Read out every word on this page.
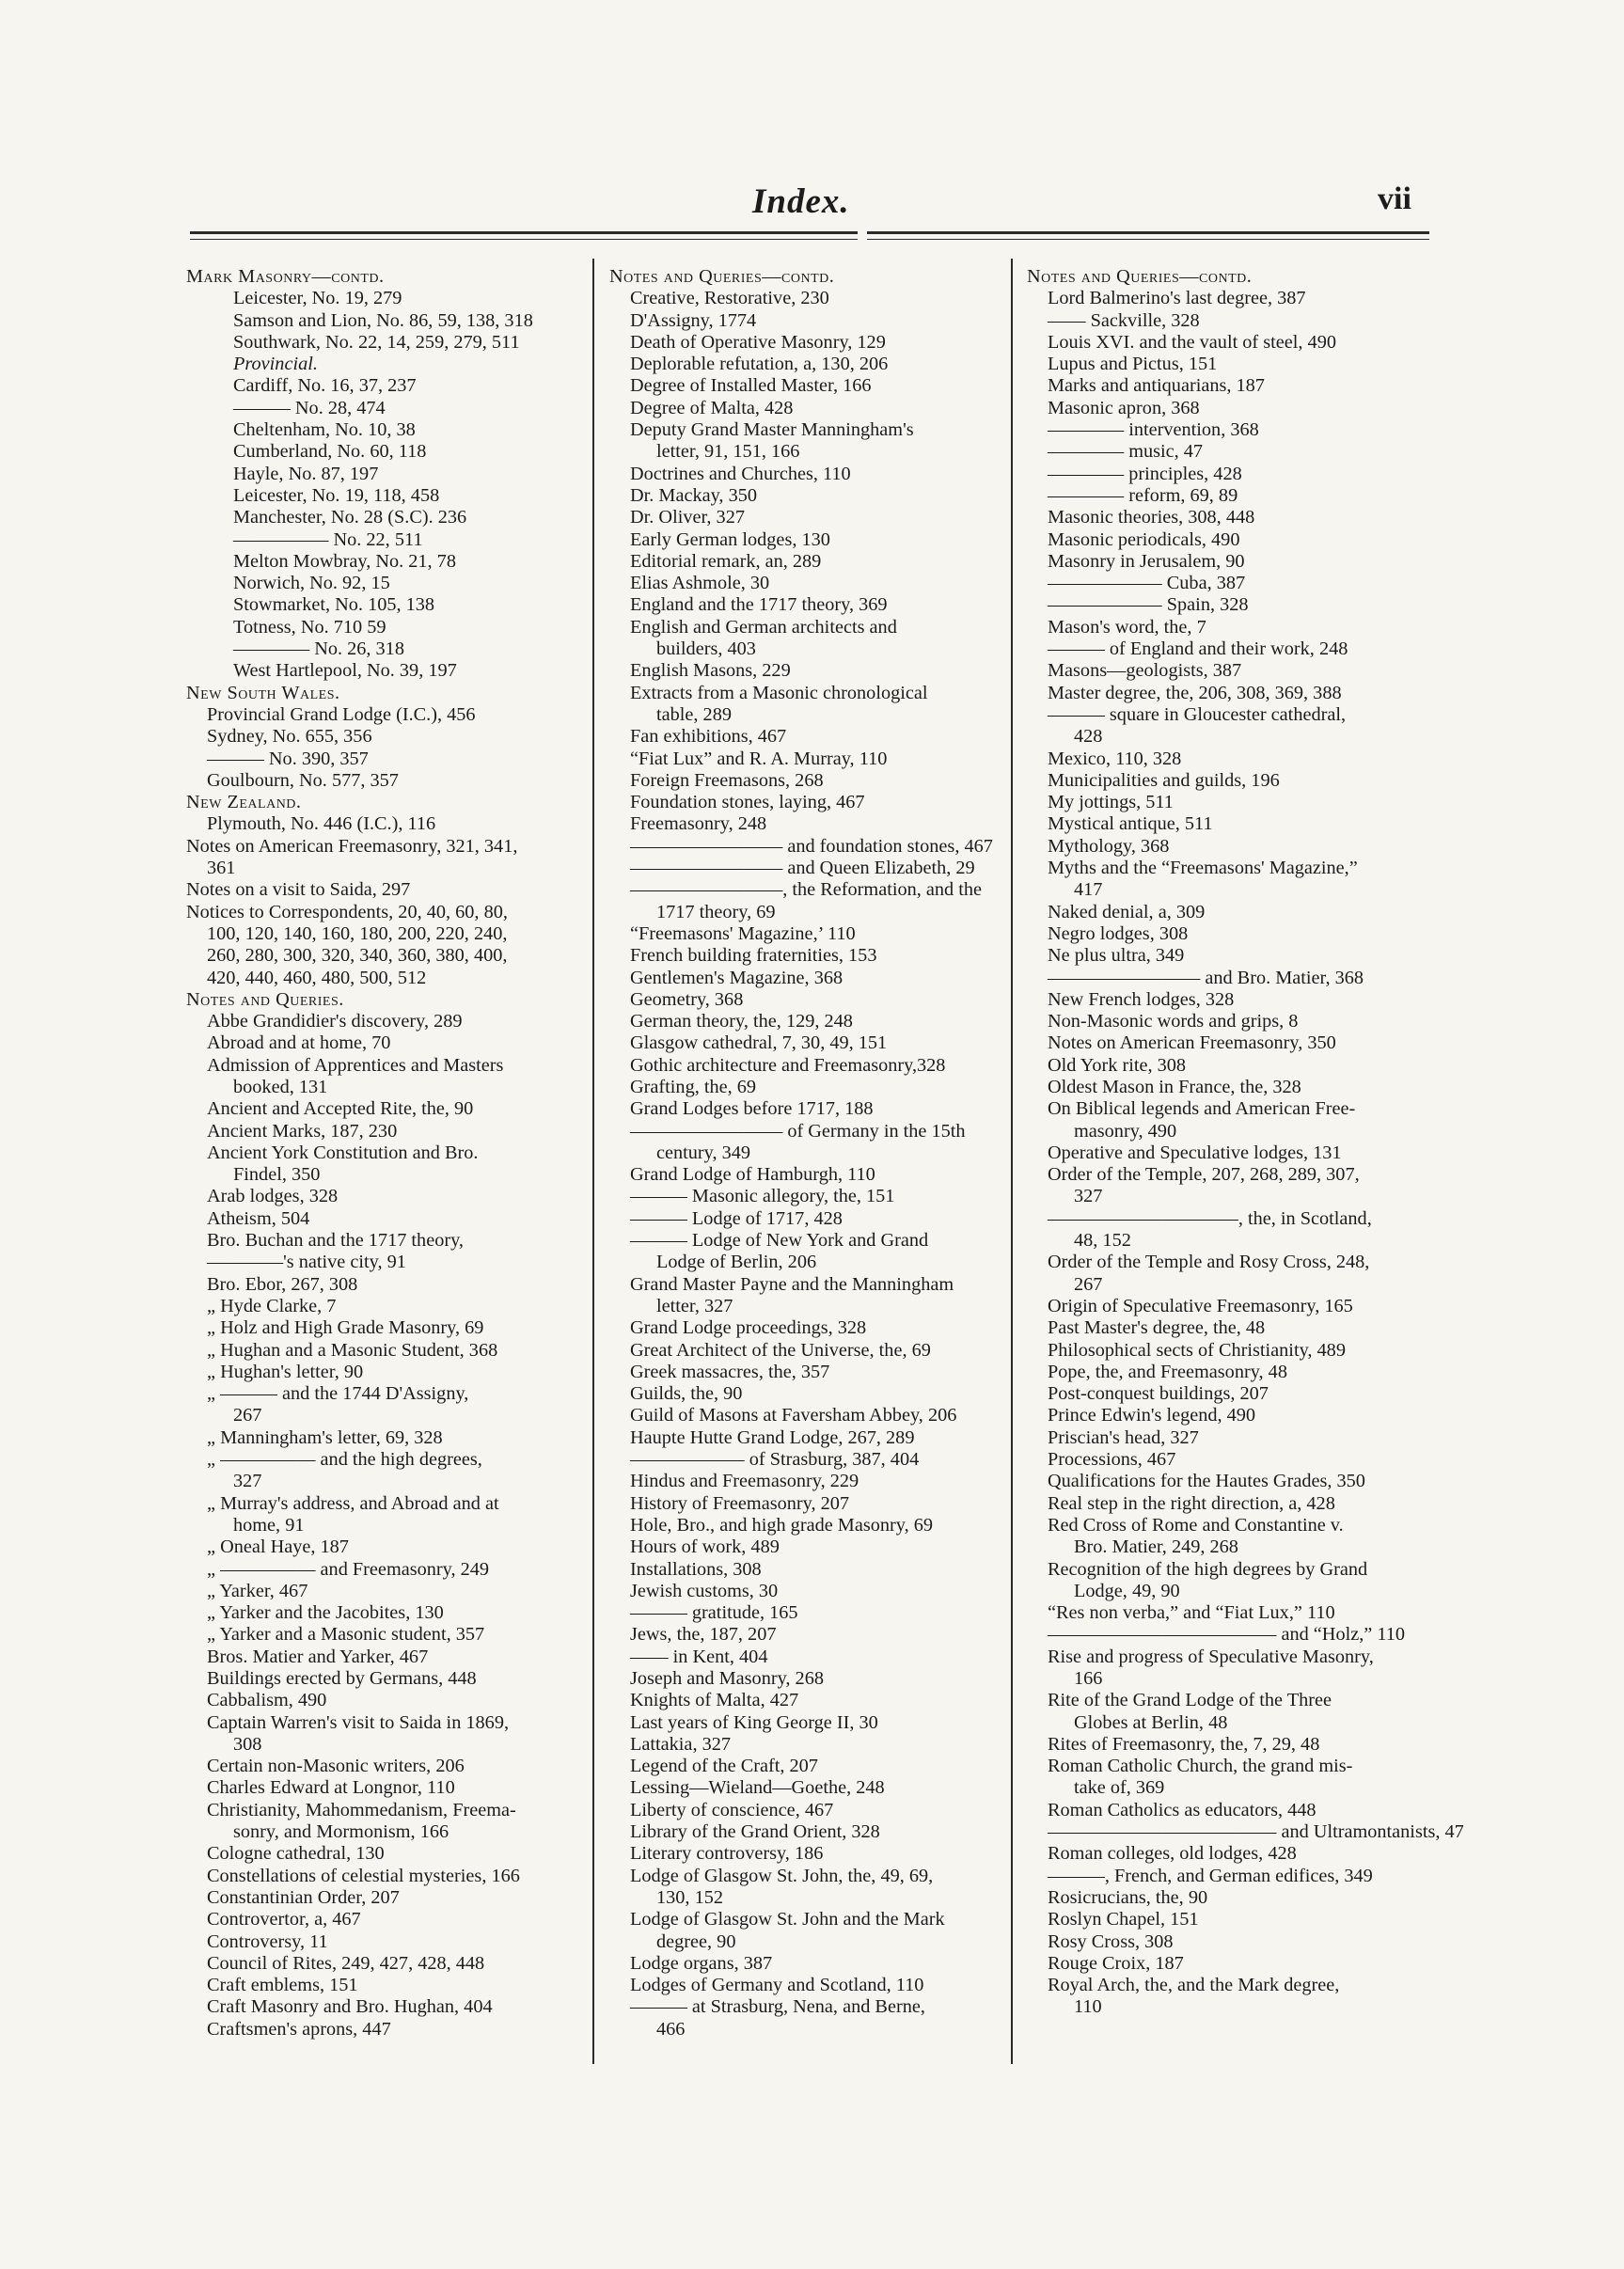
Index.	vii
Mark Masonry—contd.
Leicester, No. 19, 279
Samson and Lion, No. 86, 59, 138, 318
Southwark, No. 22, 14, 259, 279, 511
Provincial.
Cardiff, No. 16, 37, 237
——— No. 28, 474
Cheltenham, No. 10, 38
Cumberland, No. 60, 118
Hayle, No. 87, 197
Leicester, No. 19, 118, 458
Manchester, No. 28 (S.C). 236
————— No. 22, 511
Melton Mowbray, No. 21, 78
Norwich, No. 92, 15
Stowmarket, No. 105, 138
Totness, No. 710 59
———— No. 26, 318
West Hartlepool, No. 39, 197
New South Wales.
Provincial Grand Lodge (I.C.), 456
Sydney, No. 655, 356
——— No. 390, 357
Goulbourn, No. 577, 357
New Zealand.
Plymouth, No. 446 (I.C.), 116
Notes on American Freemasonry, 321, 341,
361
Notes on a visit to Saida, 297
Notices to Correspondents, 20, 40, 60, 80,
100, 120, 140, 160, 180, 200, 220, 240,
260, 280, 300, 320, 340, 360, 380, 400,
420, 440, 460, 480, 500, 512
Notes and Queries.
Abbe Grandidier's discovery, 289
Abroad and at home, 70
Admission of Apprentices and Masters
booked, 131
Ancient and Accepted Rite, the, 90
Ancient Marks, 187, 230
Ancient York Constitution and Bro.
Findel, 350
Arab lodges, 328
Atheism, 504
Bro. Buchan and the 1717 theory,
————'s native city, 91
Bro. Ebor, 267, 308
„ Hyde Clarke, 7
„ Holz and High Grade Masonry, 69
„ Hughan and a Masonic Student, 368
„ Hughan's letter, 90
„ ——— and the 1744 D'Assigny,
267
„ Manningham's letter, 69, 328
„ ————— and the high degrees,
327
„ Murray's address, and Abroad and at
home, 91
„ Oneal Haye, 187
„ ————— and Freemasonry, 249
„ Yarker, 467
„ Yarker and the Jacobites, 130
„ Yarker and a Masonic student, 357
Bros. Matier and Yarker, 467
Buildings erected by Germans, 448
Cabbalism, 490
Captain Warren's visit to Saida in 1869,
308
Certain non-Masonic writers, 206
Charles Edward at Longnor, 110
Christianity, Mahommedanism, Freema-
sonry, and Mormonism, 166
Cologne cathedral, 130
Constellations of celestial mysteries, 166
Constantinian Order, 207
Controvertor, a, 467
Controversy, 11
Council of Rites, 249, 427, 428, 448
Craft emblems, 151
Craft Masonry and Bro. Hughan, 404
Craftsmen's aprons, 447
Notes and Queries—contd.
Creative, Restorative, 230
D'Assigny, 1774
Death of Operative Masonry, 129
Deplorable refutation, a, 130, 206
Degree of Installed Master, 166
Degree of Malta, 428
Deputy Grand Master Manningham's
letter, 91, 151, 166
Doctrines and Churches, 110
Dr. Mackay, 350
Dr. Oliver, 327
Early German lodges, 130
Editorial remark, an, 289
Elias Ashmole, 30
England and the 1717 theory, 369
English and German architects and
builders, 403
English Masons, 229
Extracts from a Masonic chronological
table, 289
Fan exhibitions, 467
“Fiat Lux” and R. A. Murray, 110
Foreign Freemasons, 268
Foundation stones, laying, 467
Freemasonry, 248
———————— and foundation stones, 467
———————— and Queen Elizabeth, 29
————————, the Reformation, and the
1717 theory, 69
“Freemasons' Magazine,’ 110
French building fraternities, 153
Gentlemen's Magazine, 368
Geometry, 368
German theory, the, 129, 248
Glasgow cathedral, 7, 30, 49, 151
Gothic architecture and Freemasonry,328
Grafting, the, 69
Grand Lodges before 1717, 188
———————— of Germany in the 15th
century, 349
Grand Lodge of Hamburgh, 110
——— Masonic allegory, the, 151
——— Lodge of 1717, 428
——— Lodge of New York and Grand
Lodge of Berlin, 206
Grand Master Payne and the Manningham
letter, 327
Grand Lodge proceedings, 328
Great Architect of the Universe, the, 69
Greek massacres, the, 357
Guilds, the, 90
Guild of Masons at Faversham Abbey, 206
Haupte Hutte Grand Lodge, 267, 289
—————— of Strasburg, 387, 404
Hindus and Freemasonry, 229
History of Freemasonry, 207
Hole, Bro., and high grade Masonry, 69
Hours of work, 489
Installations, 308
Jewish customs, 30
——— gratitude, 165
Jews, the, 187, 207
—— in Kent, 404
Joseph and Masonry, 268
Knights of Malta, 427
Last years of King George II, 30
Lattakia, 327
Legend of the Craft, 207
Lessing—Wieland—Goethe, 248
Liberty of conscience, 467
Library of the Grand Orient, 328
Literary controversy, 186
Lodge of Glasgow St. John, the, 49, 69,
130, 152
Lodge of Glasgow St. John and the Mark
degree, 90
Lodge organs, 387
Lodges of Germany and Scotland, 110
——— at Strasburg, Nena, and Berne,
466
Notes and Queries—contd.
Lord Balmerino's last degree, 387
—— Sackville, 328
Louis XVI. and the vault of steel, 490
Lupus and Pictus, 151
Marks and antiquarians, 187
Masonic apron, 368
———— intervention, 368
———— music, 47
———— principles, 428
———— reform, 69, 89
Masonic theories, 308, 448
Masonic periodicals, 490
Masonry in Jerusalem, 90
—————— Cuba, 387
—————— Spain, 328
Mason's word, the, 7
——— of England and their work, 248
Masons—geologists, 387
Master degree, the, 206, 308, 369, 388
——— square in Gloucester cathedral,
428
Mexico, 110, 328
Municipalities and guilds, 196
My jottings, 511
Mystical antique, 511
Mythology, 368
Myths and the “Freemasons' Magazine,”
417
Naked denial, a, 309
Negro lodges, 308
Ne plus ultra, 349
———————— and Bro. Matier, 368
New French lodges, 328
Non-Masonic words and grips, 8
Notes on American Freemasonry, 350
Old York rite, 308
Oldest Mason in France, the, 328
On Biblical legends and American Free-
masonry, 490
Operative and Speculative lodges, 131
Order of the Temple, 207, 268, 289, 307,
327
——————————, the, in Scotland,
48, 152
Order of the Temple and Rosy Cross, 248,
267
Origin of Speculative Freemasonry, 165
Past Master's degree, the, 48
Philosophical sects of Christianity, 489
Pope, the, and Freemasonry, 48
Post-conquest buildings, 207
Prince Edwin's legend, 490
Priscian's head, 327
Processions, 467
Qualifications for the Hautes Grades, 350
Real step in the right direction, a, 428
Red Cross of Rome and Constantine v.
Bro. Matier, 249, 268
Recognition of the high degrees by Grand
Lodge, 49, 90
“Res non verba,” and “Fiat Lux,” 110
———————————— and “Holz,” 110
Rise and progress of Speculative Masonry,
166
Rite of the Grand Lodge of the Three
Globes at Berlin, 48
Rites of Freemasonry, the, 7, 29, 48
Roman Catholic Church, the grand mis-
take of, 369
Roman Catholics as educators, 448
———————————— and Ultramontanists, 47
Roman colleges, old lodges, 428
———, French, and German edifices, 349
Rosicrucians, the, 90
Roslyn Chapel, 151
Rosy Cross, 308
Rouge Croix, 187
Royal Arch, the, and the Mark degree,
110
